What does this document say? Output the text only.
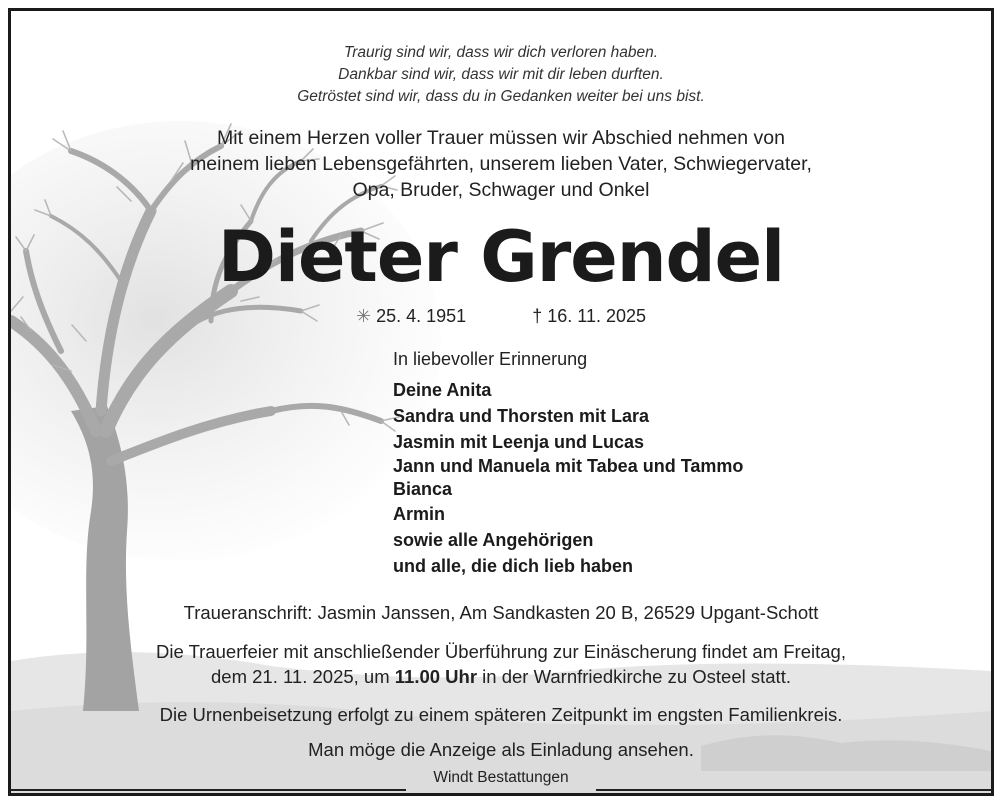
Traurig sind wir, dass wir dich verloren haben.
Dankbar sind wir, dass wir mit dir leben durften.
Getröstet sind wir, dass du in Gedanken weiter bei uns bist.
Mit einem Herzen voller Trauer müssen wir Abschied nehmen von
meinem lieben Lebensgefährten, unserem lieben Vater, Schwiegervater,
Opa, Bruder, Schwager und Onkel
Dieter Grendel
✳ 25. 4. 1951	† 16. 11. 2025
In liebevoller Erinnerung
Deine Anita
Sandra und Thorsten mit Lara
Jasmin mit Leenja und Lucas
Jann und Manuela mit Tabea und Tammo
Bianca
Armin
sowie alle Angehörigen
und alle, die dich lieb haben
Traueranschrift: Jasmin Janssen, Am Sandkasten 20 B, 26529 Upgant-Schott
Die Trauerfeier mit anschließender Überführung zur Einäscherung findet am Freitag,
dem 21. 11. 2025, um 11.00 Uhr in der Warnfriedkirche zu Osteel statt.
Die Urnenbeisetzung erfolgt zu einem späteren Zeitpunkt im engsten Familienkreis.
Man möge die Anzeige als Einladung ansehen.
Windt Bestattungen
